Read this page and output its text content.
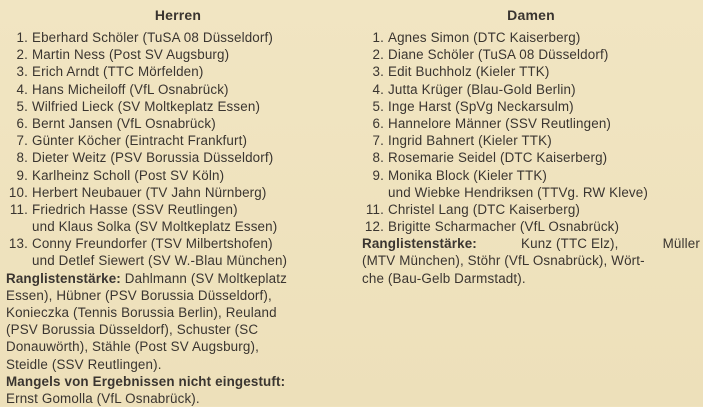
Herren
1. Eberhard Schöler (TuSA 08 Düsseldorf)
2. Martin Ness (Post SV Augsburg)
3. Erich Arndt (TTC Mörfelden)
4. Hans Micheiloff (VfL Osnabrück)
5. Wilfried Lieck (SV Moltkeplatz Essen)
6. Bernt Jansen (VfL Osnabrück)
7. Günter Köcher (Eintracht Frankfurt)
8. Dieter Weitz (PSV Borussia Düsseldorf)
9. Karlheinz Scholl (Post SV Köln)
10. Herbert Neubauer (TV Jahn Nürnberg)
11. Friedrich Hasse (SSV Reutlingen)
und Klaus Solka (SV Moltkeplatz Essen)
13. Conny Freundorfer (TSV Milbertshofen)
und Detlef Siewert (SV W.-Blau München)
Ranglistenstärke: Dahlmann (SV Moltkeplatz
Essen), Hübner (PSV Borussia Düsseldorf),
Konieczka (Tennis Borussia Berlin), Reuland
(PSV Borussia Düsseldorf), Schuster (SC
Donauwörth), Stähle (Post SV Augsburg),
Steidle (SSV Reutlingen).
Mangels von Ergebnissen nicht eingestuft:
Ernst Gomolla (VfL Osnabrück).
Damen
1. Agnes Simon (DTC Kaiserberg)
2. Diane Schöler (TuSA 08 Düsseldorf)
3. Edit Buchholz (Kieler TTK)
4. Jutta Krüger (Blau-Gold Berlin)
5. Inge Harst (SpVg Neckarsulm)
6. Hannelore Männer (SSV Reutlingen)
7. Ingrid Bahnert (Kieler TTK)
8. Rosemarie Seidel (DTC Kaiserberg)
9. Monika Block (Kieler TTK)
und Wiebke Hendriksen (TTVg. RW Kleve)
11. Christel Lang (DTC Kaiserberg)
12. Brigitte Scharmacher (VfL Osnabrück)
Ranglistenstärke:	Kunz (TTC Elz),	Müller
(MTV München), Stöhr (VfL Osnabrück), Wört-
che (Bau-Gelb Darmstadt).
